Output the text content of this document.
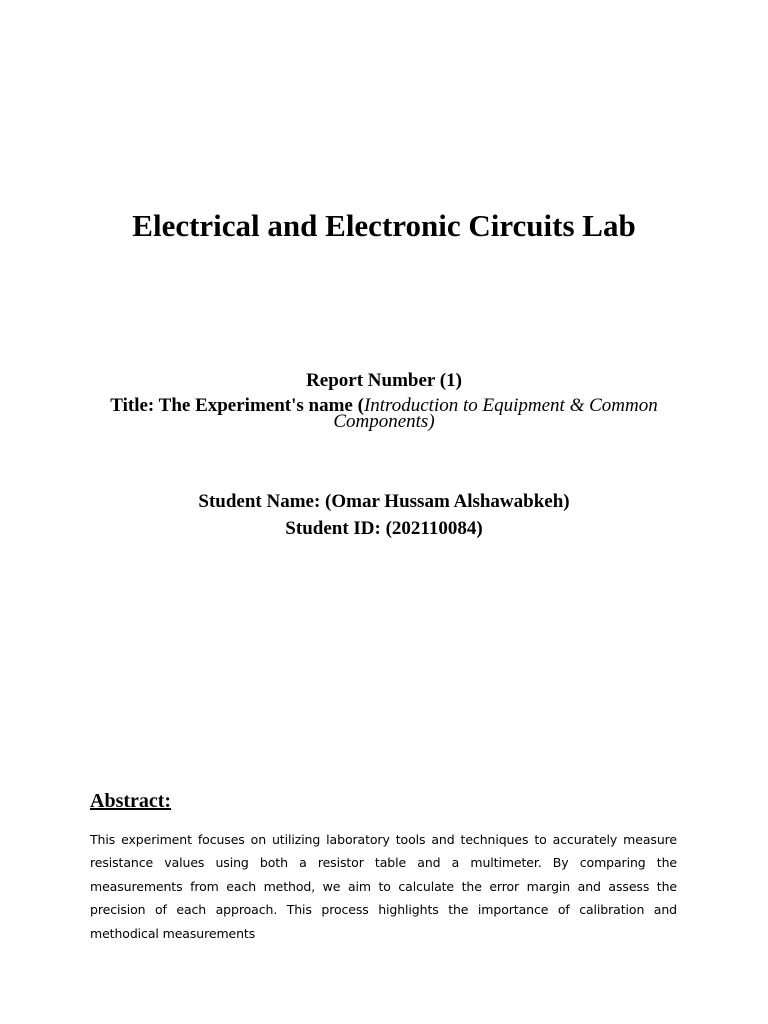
Electrical and Electronic Circuits Lab
Report Number (1)
Title: The Experiment's name (Introduction to Equipment & Common Components)
Student Name: (Omar Hussam Alshawabkeh)
Student ID: (202110084)
Abstract:

This experiment focuses on utilizing laboratory tools and techniques to accurately measure resistance values using both a resistor table and a multimeter. By comparing the measurements from each method, we aim to calculate the error margin and assess the precision of each approach. This process highlights the importance of calibration and methodical measurements
